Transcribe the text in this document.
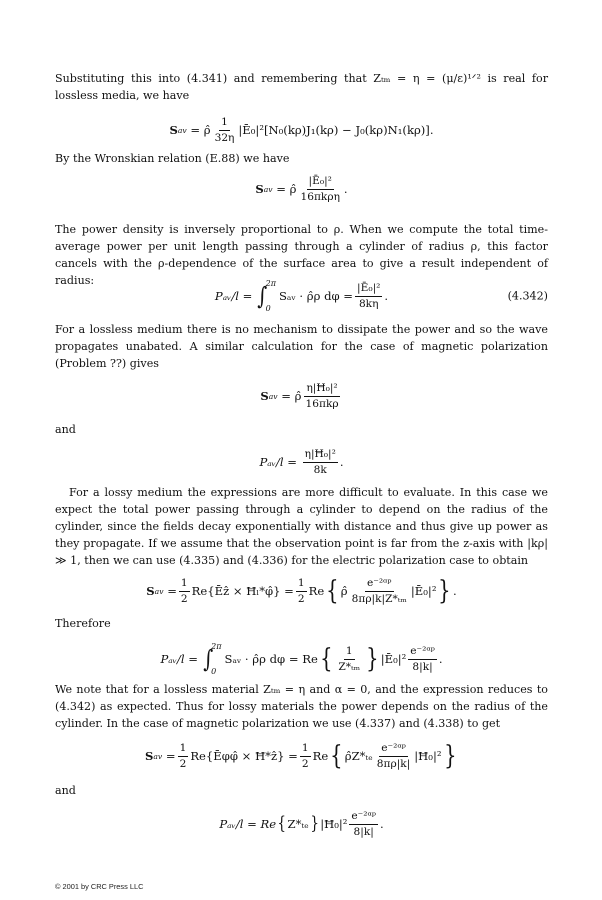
Substituting this into (4.341) and remembering that Zₜₘ = η = (μ/ε)¹ᐟ² is real for lossless media, we have

S av
= ρ̂ $\frac{1}{32\eta}$ |Ē₀|²[N₀(kρ)J₁(kρ) − J₀(kρ)N₁(kρ)].

By the Wronskian relation (E.88) we have

S av
= ρ̂ $\frac{\text{|Ē₀|²}}{\text{16πkρη}}$ .

The power density is inversely proportional to ρ. When we compute the total time-average power per unit length passing through a cylinder of radius ρ, this factor cancels with the ρ-dependence of the surface area to give a result independent of radius:

Pₐᵥ/l =
∫
2π
0
Sₐᵥ · ρ̂ρ $d\varphi = \frac{\text{|Ē₀|²}}{8k\eta}$ .	(4.342)

For a lossless medium there is no mechanism to dissipate the power and so the wave propagates unabated. A similar calculation for the case of magnetic polarization (Problem ??) gives

S av
= ρ̂ $\frac{\text{η|Ħ₀|²}}{\text{16πkρ}}$

and

Pₐᵥ/l =
$\frac{\text{η|Ħ₀|²}}{8k}$ .

For a lossy medium the expressions are more difficult to evaluate. In this case we expect the total power passing through a cylinder to depend on the radius of the cylinder, since the fields decay exponentially with distance and thus give up power as they propagate. If we assume that the observation point is far from the z-axis with |kρ| ≫ 1, then we can use (4.335) and (4.336) for the electric polarization case to obtain

S av
= $\frac{1}{2}$ Re{Ēẑ × Ħₗ*φ̂} = $\frac{1}{2}$ Re { ρ̂ $\frac{\text{e⁻²ᵅᵖ}}{\text{8πρ|k|Z*ₜₘ}}$ |Ē₀|² } .

Therefore

Pₐᵥ/l =
∫
2π
0
Sₐᵥ · ρ̂ρ dφ = Re { $\frac{1}{\text{Z*ₜₘ}}$ } |Ē₀|² $\frac{\text{e⁻²ᵅᵖ}}{8|k|}$ .

We note that for a lossless material Zₜₘ = η and α = 0, and the expression reduces to (4.342) as expected. Thus for lossy materials the power depends on the radius of the cylinder. In the case of magnetic polarization we use (4.337) and (4.338) to get

S av
= $\frac{1}{2}$ Re{Ēφφ̂ × Ħ*ẑ} = $\frac{1}{2}$ Re { ρ̂Z*ₜₑ $\frac{\text{e⁻²ᵅᵖ}}{8\pi\rho|k|}$ |Ħ₀|² }

and

Pₐᵥ/l = Re { Z*ₜₑ } |Ħ₀|² $\frac{\text{e⁻²ᵅᵖ}}{8|k|}$ .
© 2001 by CRC Press LLC
